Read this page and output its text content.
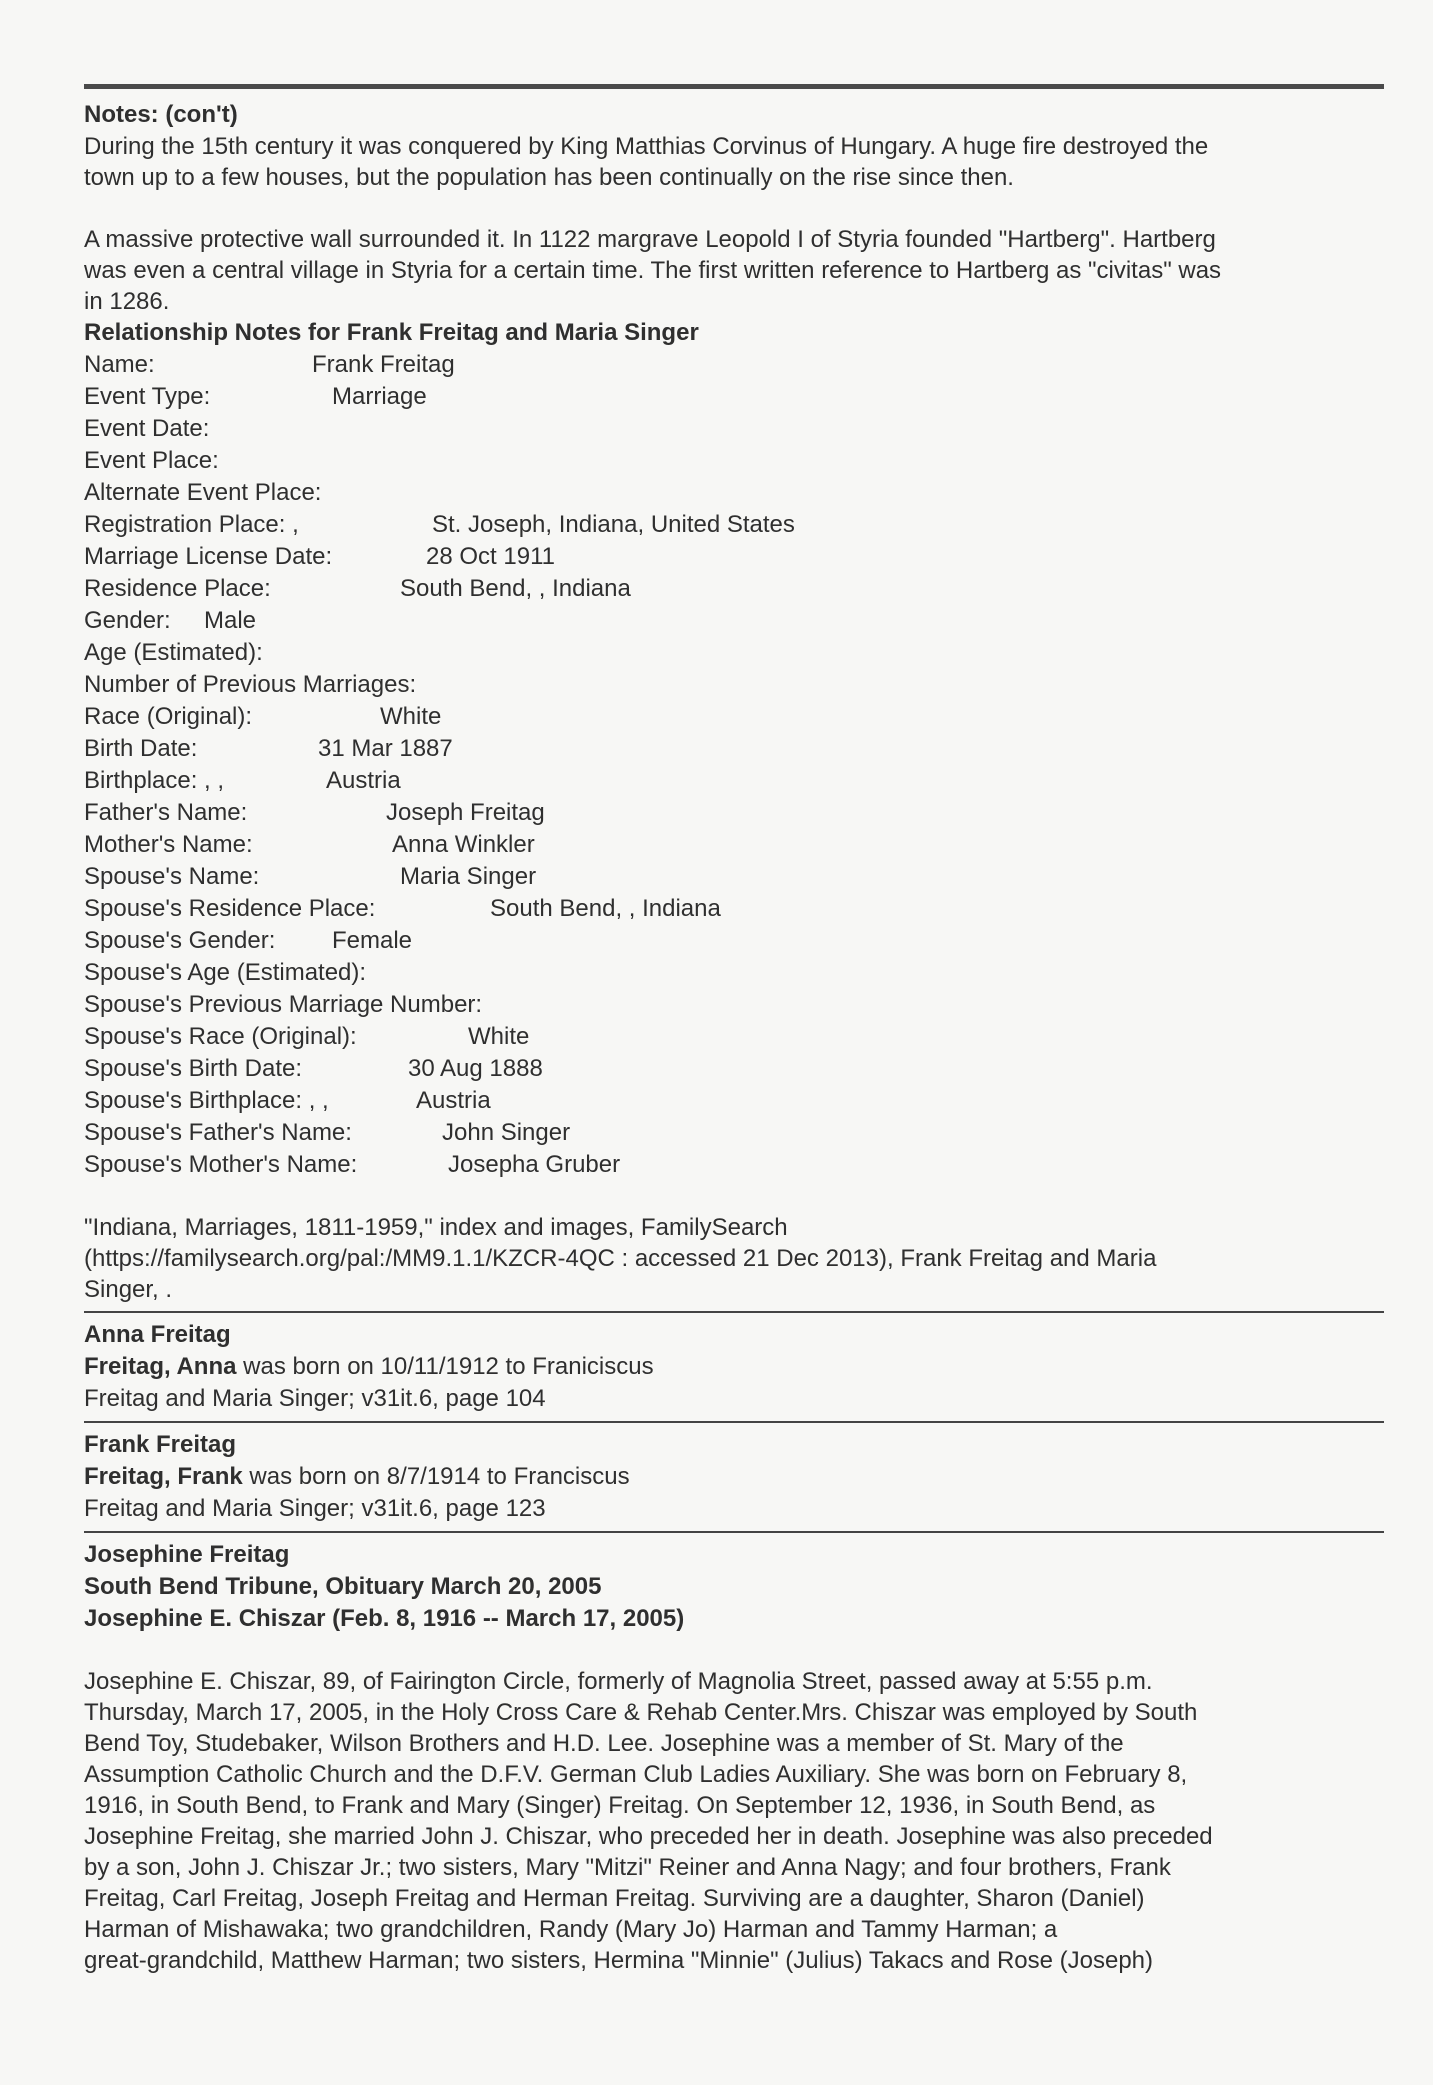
Notes: (con't)
During the 15th century it was conquered by King Matthias Corvinus of Hungary. A huge fire destroyed the
town up to a few houses, but the population has been continually on the rise since then.
A massive protective wall surrounded it. In 1122 margrave Leopold I of Styria founded "Hartberg". Hartberg
was even a central village in Styria for a certain time. The first written reference to Hartberg as "civitas" was
in 1286.
Relationship Notes for Frank Freitag and Maria Singer
Name:	Frank Freitag
Event Type:	Marriage
Event Date:
Event Place:
Alternate Event Place:
Registration Place: ,	St. Joseph, Indiana, United States
Marriage License Date:	28 Oct 1911
Residence Place:	South Bend, , Indiana
Gender: Male
Age (Estimated):
Number of Previous Marriages:
Race (Original):	White
Birth Date:	31 Mar 1887
Birthplace: , ,	Austria
Father's Name:	Joseph Freitag
Mother's Name:	Anna Winkler
Spouse's Name:	Maria Singer
Spouse's Residence Place:	South Bend, , Indiana
Spouse's Gender: Female
Spouse's Age (Estimated):
Spouse's Previous Marriage Number:
Spouse's Race (Original):	White
Spouse's Birth Date:	30 Aug 1888
Spouse's Birthplace: , ,	Austria
Spouse's Father's Name:	John Singer
Spouse's Mother's Name:	Josepha Gruber
"Indiana, Marriages, 1811-1959," index and images, FamilySearch
(https://familysearch.org/pal:/MM9.1.1/KZCR-4QC : accessed 21 Dec 2013), Frank Freitag and Maria
Singer, .
Anna Freitag
Freitag, Anna was born on 10/11/1912 to Franiciscus
Freitag and Maria Singer; v31it.6, page 104
Frank Freitag
Freitag, Frank was born on 8/7/1914 to Franciscus
Freitag and Maria Singer; v31it.6, page 123
Josephine Freitag
South Bend Tribune, Obituary March 20, 2005
Josephine E. Chiszar (Feb. 8, 1916 -- March 17, 2005)
Josephine E. Chiszar, 89, of Fairington Circle, formerly of Magnolia Street, passed away at 5:55 p.m.
Thursday, March 17, 2005, in the Holy Cross Care & Rehab Center.Mrs. Chiszar was employed by South
Bend Toy, Studebaker, Wilson Brothers and H.D. Lee. Josephine was a member of St. Mary of the
Assumption Catholic Church and the D.F.V. German Club Ladies Auxiliary. She was born on February 8,
1916, in South Bend, to Frank and Mary (Singer) Freitag. On September 12, 1936, in South Bend, as
Josephine Freitag, she married John J. Chiszar, who preceded her in death. Josephine was also preceded
by a son, John J. Chiszar Jr.; two sisters, Mary "Mitzi" Reiner and Anna Nagy; and four brothers, Frank
Freitag, Carl Freitag, Joseph Freitag and Herman Freitag. Surviving are a daughter, Sharon (Daniel)
Harman of Mishawaka; two grandchildren, Randy (Mary Jo) Harman and Tammy Harman; a
great-grandchild, Matthew Harman; two sisters, Hermina "Minnie" (Julius) Takacs and Rose (Joseph)
